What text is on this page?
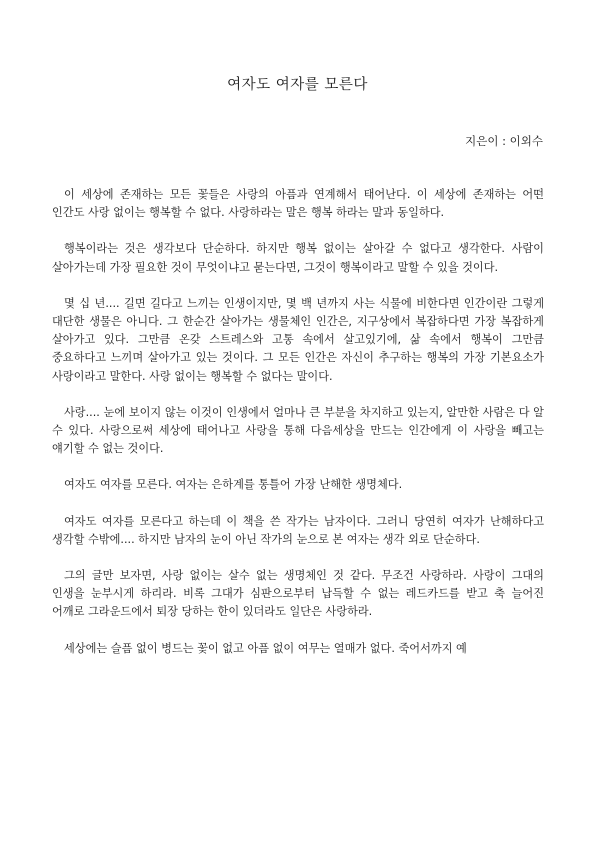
여자도 여자를 모른다

지은이 : 이외수

이 세상에 존재하는 모든 꽃들은 사랑의 아픔과 연계해서 태어난다. 이 세상에 존재하는 어떤 인간도 사랑 없이는 행복할 수 없다. 사랑하라는 말은 행복 하라는 말과 동일하다.

행복이라는 것은 생각보다 단순하다. 하지만 행복 없이는 살아갈 수 없다고 생각한다. 사람이 살아가는데 가장 필요한 것이 무엇이냐고 묻는다면, 그것이 행복이라고 말할 수 있을 것이다.

몇 십 년.... 길면 길다고 느끼는 인생이지만, 몇 백 년까지 사는 식물에 비한다면 인간이란 그렇게 대단한 생물은 아니다. 그 한순간 살아가는 생물체인 인간은, 지구상에서 복잡하다면 가장 복잡하게 살아가고 있다. 그만큼 온갖 스트레스와 고통 속에서 살고있기에, 삶 속에서 행복이 그만큼 중요하다고 느끼며 살아가고 있는 것이다. 그 모든 인간은 자신이 추구하는 행복의 가장 기본요소가 사랑이라고 말한다. 사랑 없이는 행복할 수 없다는 말이다.

사랑.... 눈에 보이지 않는 이것이 인생에서 얼마나 큰 부분을 차지하고 있는지, 알만한 사람은 다 알 수 있다. 사랑으로써 세상에 태어나고 사랑을 통해 다음세상을 만드는 인간에게 이 사랑을 빼고는 얘기할 수 없는 것이다.

여자도 여자를 모른다. 여자는 은하계를 통틀어 가장 난해한 생명체다.

여자도 여자를 모른다고 하는데 이 책을 쓴 작가는 남자이다. 그러니 당연히 여자가 난해하다고 생각할 수밖에.... 하지만 남자의 눈이 아닌 작가의 눈으로 본 여자는 생각 외로 단순하다.

그의 글만 보자면, 사랑 없이는 살수 없는 생명체인 것 같다. 무조건 사랑하라. 사랑이 그대의 인생을 눈부시게 하리라. 비록 그대가 심판으로부터 납득할 수 없는 레드카드를 받고 축 늘어진 어깨로 그라운드에서 퇴장 당하는 한이 있더라도 일단은 사랑하라.

세상에는 슬픔 없이 병드는 꽃이 없고 아픔 없이 여무는 열매가 없다. 죽어서까지 예
